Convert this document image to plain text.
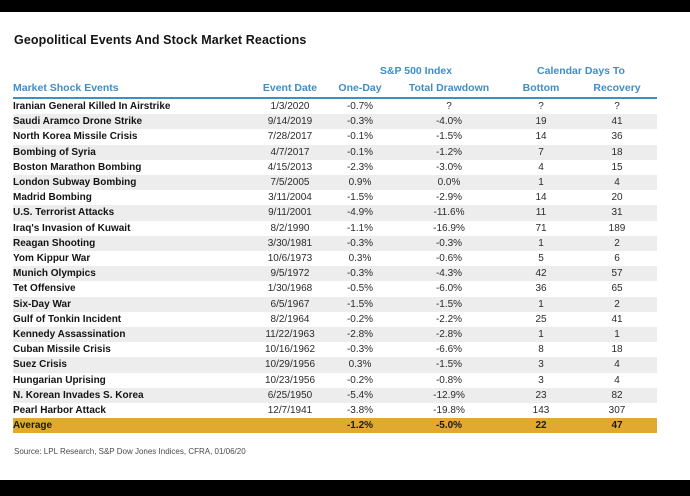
Geopolitical Events And Stock Market Reactions
		S&P 500 Index		Calendar Days To	
Market Shock Events	Event Date	One-Day	Total Drawdown	Bottom	Recovery
Iranian General Killed In Airstrike	1/3/2020	-0.7%	?	?	?
Saudi Aramco Drone Strike	9/14/2019	-0.3%	-4.0%	19	41
North Korea Missile Crisis	7/28/2017	-0.1%	-1.5%	14	36
Bombing of Syria	4/7/2017	-0.1%	-1.2%	7	18
Boston Marathon Bombing	4/15/2013	-2.3%	-3.0%	4	15
London Subway Bombing	7/5/2005	0.9%	0.0%	1	4
Madrid Bombing	3/11/2004	-1.5%	-2.9%	14	20
U.S. Terrorist Attacks	9/11/2001	-4.9%	-11.6%	11	31
Iraq's Invasion of Kuwait	8/2/1990	-1.1%	-16.9%	71	189
Reagan Shooting	3/30/1981	-0.3%	-0.3%	1	2
Yom Kippur War	10/6/1973	0.3%	-0.6%	5	6
Munich Olympics	9/5/1972	-0.3%	-4.3%	42	57
Tet Offensive	1/30/1968	-0.5%	-6.0%	36	65
Six-Day War	6/5/1967	-1.5%	-1.5%	1	2
Gulf of Tonkin Incident	8/2/1964	-0.2%	-2.2%	25	41
Kennedy Assassination	11/22/1963	-2.8%	-2.8%	1	1
Cuban Missile Crisis	10/16/1962	-0.3%	-6.6%	8	18
Suez Crisis	10/29/1956	0.3%	-1.5%	3	4
Hungarian Uprising	10/23/1956	-0.2%	-0.8%	3	4
N. Korean Invades S. Korea	6/25/1950	-5.4%	-12.9%	23	82
Pearl Harbor Attack	12/7/1941	-3.8%	-19.8%	143	307
Average		-1.2%	-5.0%	22	47
Source: LPL Research, S&P Dow Jones Indices, CFRA, 01/06/20
